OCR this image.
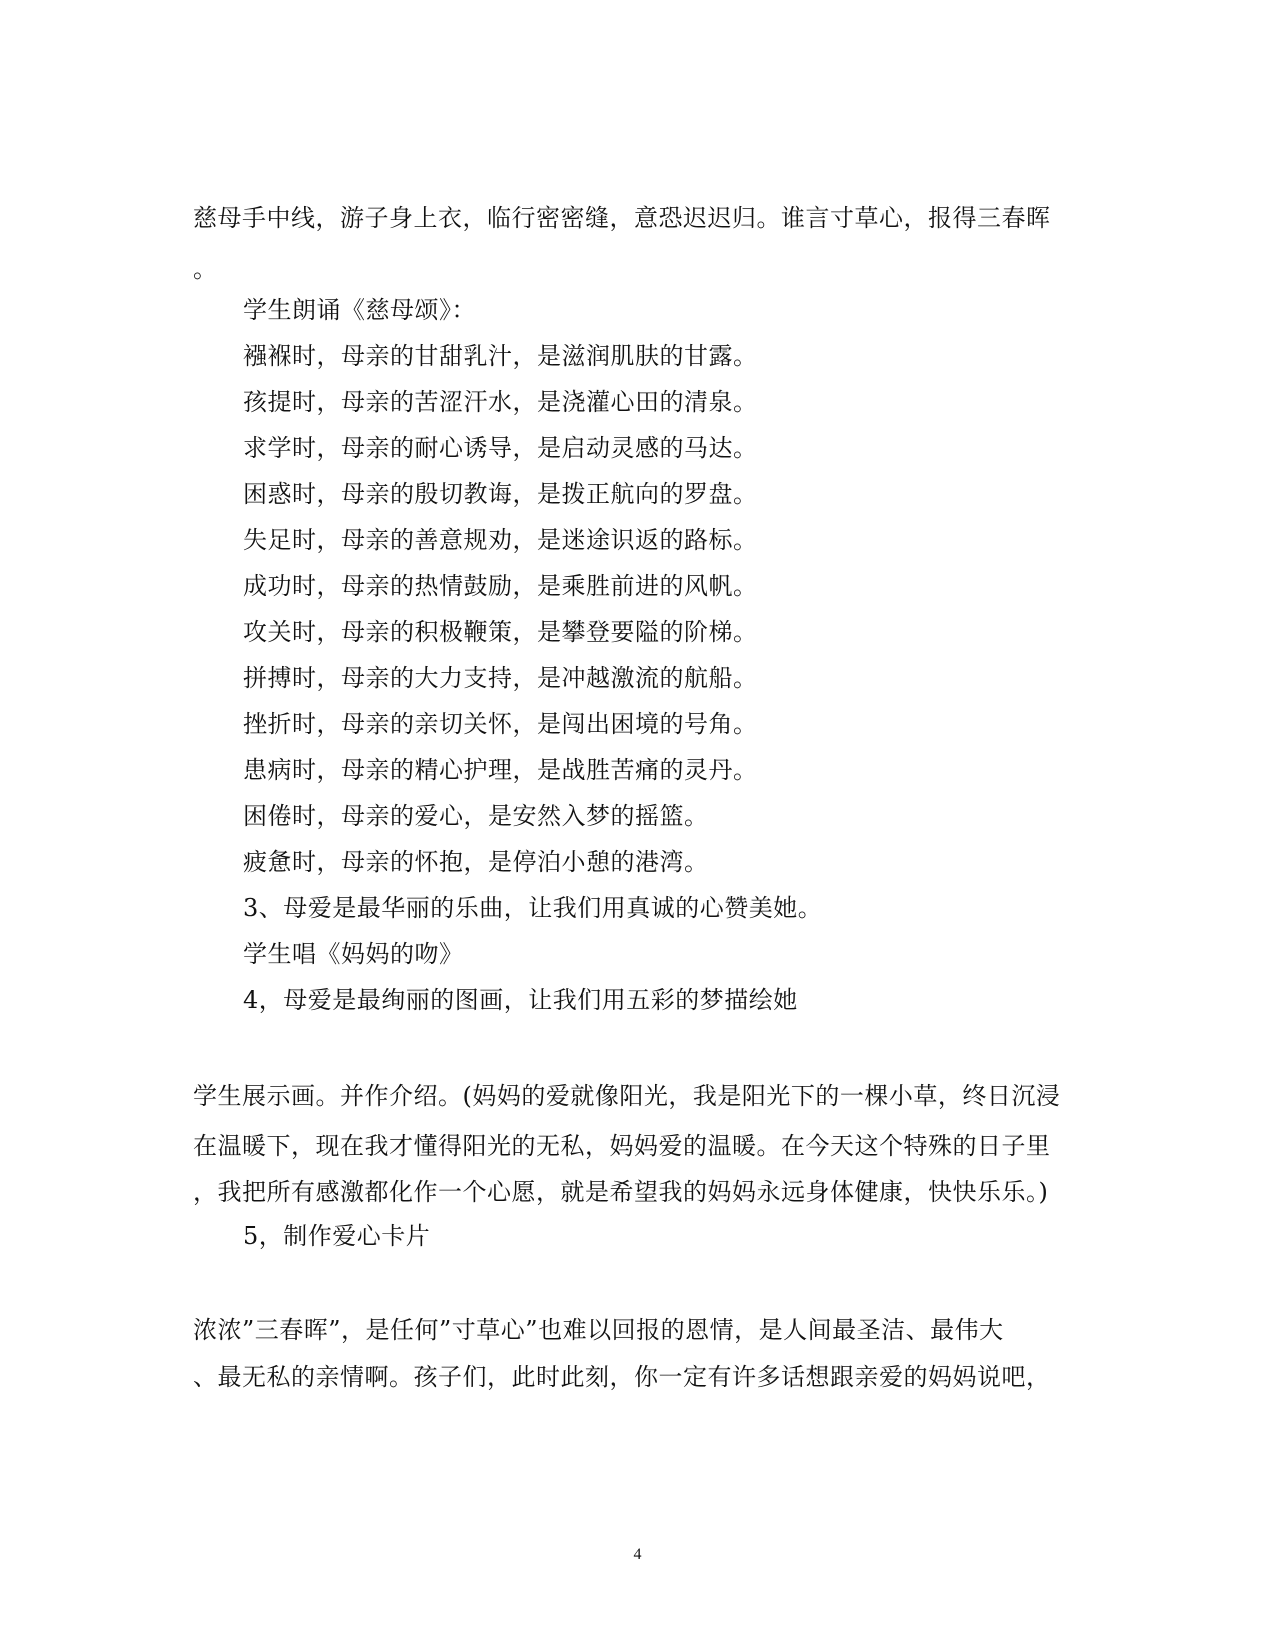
慈母手中线，游子身上衣，临行密密缝，意恐迟迟归。谁言寸草心，报得三春晖
。
学生朗诵《慈母颂》：
襁褓时，母亲的甘甜乳汁，是滋润肌肤的甘露。
孩提时，母亲的苦涩汗水，是浇灌心田的清泉。
求学时，母亲的耐心诱导，是启动灵感的马达。
困惑时，母亲的殷切教诲，是拨正航向的罗盘。
失足时，母亲的善意规劝，是迷途识返的路标。
成功时，母亲的热情鼓励，是乘胜前进的风帆。
攻关时，母亲的积极鞭策，是攀登要隘的阶梯。
拼搏时，母亲的大力支持，是冲越激流的航船。
挫折时，母亲的亲切关怀，是闯出困境的号角。
患病时，母亲的精心护理，是战胜苦痛的灵丹。
困倦时，母亲的爱心，是安然入梦的摇篮。
疲惫时，母亲的怀抱，是停泊小憩的港湾。
3、母爱是最华丽的乐曲，让我们用真诚的心赞美她。
学生唱《妈妈的吻》
4，母爱是最绚丽的图画，让我们用五彩的梦描绘她
学生展示画。并作介绍。(妈妈的爱就像阳光，我是阳光下的一棵小草，终日沉浸
在温暖下，现在我才懂得阳光的无私，妈妈爱的温暖。在今天这个特殊的日子里
，我把所有感激都化作一个心愿，就是希望我的妈妈永远身体健康，快快乐乐。)
5，制作爱心卡片
浓浓”三春晖”，是任何”寸草心”也难以回报的恩情，是人间最圣洁、最伟大
、最无私的亲情啊。孩子们，此时此刻，你一定有许多话想跟亲爱的妈妈说吧，
4
